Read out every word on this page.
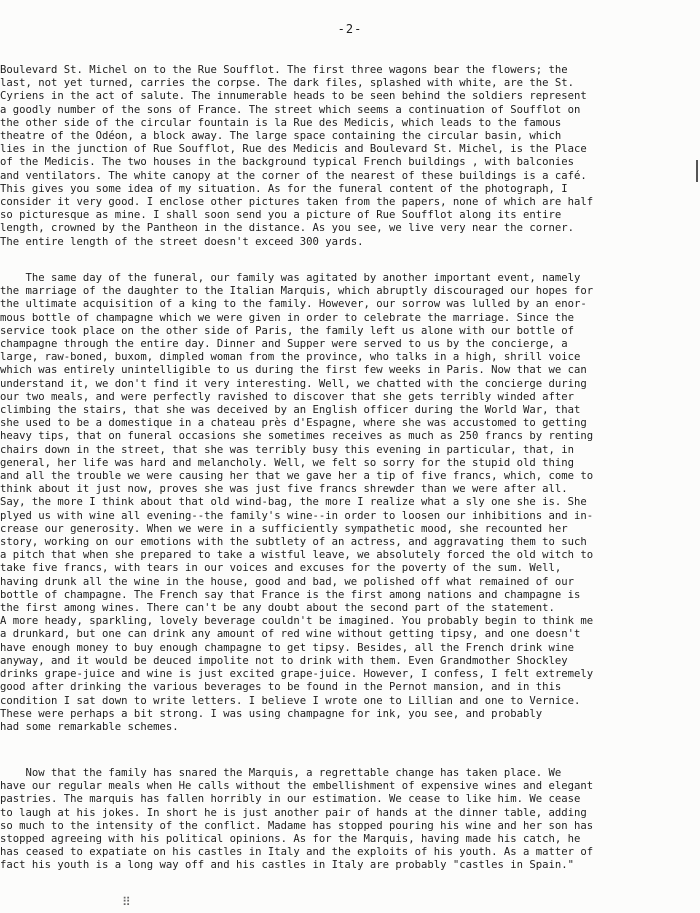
-2-
Boulevard St. Michel on to the Rue Soufflot. The first three wagons bear the flowers; the
last, not yet turned, carries the corpse. The dark files, splashed with white, are the St.
Cyriens in the act of salute. The innumerable heads to be seen behind the soldiers represent
a goodly number of the sons of France. The street which seems a continuation of Soufflot on
the other side of the circular fountain is la Rue des Medicis, which leads to the famous
theatre of the Odéon, a block away. The large space containing the circular basin, which
lies in the junction of Rue Soufflot, Rue des Medicis and Boulevard St. Michel, is the Place
of the Medicis. The two houses in the background typical French buildings , with balconies
and ventilators. The white canopy at the corner of the nearest of these buildings is a café.
This gives you some idea of my situation. As for the funeral content of the photograph, I
consider it very good. I enclose other pictures taken from the papers, none of which are half
so picturesque as mine. I shall soon send you a picture of Rue Soufflot along its entire
length, crowned by the Pantheon in the distance. As you see, we live very near the corner.
The entire length of the street doesn't exceed 300 yards.
The same day of the funeral, our family was agitated by another important event, namely
the marriage of the daughter to the Italian Marquis, which abruptly discouraged our hopes for
the ultimate acquisition of a king to the family. However, our sorrow was lulled by an enor-
mous bottle of champagne which we were given in order to celebrate the marriage. Since the
service took place on the other side of Paris, the family left us alone with our bottle of
champagne through the entire day. Dinner and Supper were served to us by the concierge, a
large, raw-boned, buxom, dimpled woman from the province, who talks in a high, shrill voice
which was entirely unintelligible to us during the first few weeks in Paris. Now that we can
understand it, we don't find it very interesting. Well, we chatted with the concierge during
our two meals, and were perfectly ravished to discover that she gets terribly winded after
climbing the stairs, that she was deceived by an English officer during the World War, that
she used to be a domestique in a chateau près d'Espagne, where she was accustomed to getting
heavy tips, that on funeral occasions she sometimes receives as much as 250 francs by renting
chairs down in the street, that she was terribly busy this evening in particular, that, in
general, her life was hard and melancholy. Well, we felt so sorry for the stupid old thing
and all the trouble we were causing her that we gave her a tip of five francs, which, come to
think about it just now, proves she was just five francs shrewder than we were after all.
Say, the more I think about that old wind-bag, the more I realize what a sly one she is. She
plyed us with wine all evening--the family's wine--in order to loosen our inhibitions and in-
crease our generosity. When we were in a sufficiently sympathetic mood, she recounted her
story, working on our emotions with the subtlety of an actress, and aggravating them to such
a pitch that when she prepared to take a wistful leave, we absolutely forced the old witch to
take five francs, with tears in our voices and excuses for the poverty of the sum. Well,
having drunk all the wine in the house, good and bad, we polished off what remained of our
bottle of champagne. The French say that France is the first among nations and champagne is
the first among wines. There can't be any doubt about the second part of the statement.
A more heady, sparkling, lovely beverage couldn't be imagined. You probably begin to think me
a drunkard, but one can drink any amount of red wine without getting tipsy, and one doesn't
have enough money to buy enough champagne to get tipsy. Besides, all the French drink wine
anyway, and it would be deuced impolite not to drink with them. Even Grandmother Shockley
drinks grape-juice and wine is just excited grape-juice. However, I confess, I felt extremely
good after drinking the various beverages to be found in the Pernot mansion, and in this
condition I sat down to write letters. I believe I wrote one to Lillian and one to Vernice.
These were perhaps a bit strong. I was using champagne for ink, you see, and probably
had some remarkable schemes.
Now that the family has snared the Marquis, a regrettable change has taken place. We
have our regular meals when He calls without the embellishment of expensive wines and elegant
pastries. The marquis has fallen horribly in our estimation. We cease to like him. We cease
to laugh at his jokes. In short he is just another pair of hands at the dinner table, adding
so much to the intensity of the conflict. Madame has stopped pouring his wine and her son has
stopped agreeing with his political opinions. As for the Marquis, having made his catch, he
has ceased to expatiate on his castles in Italy and the exploits of his youth. As a matter of
fact his youth is a long way off and his castles in Italy are probably "castles in Spain."
⠿
